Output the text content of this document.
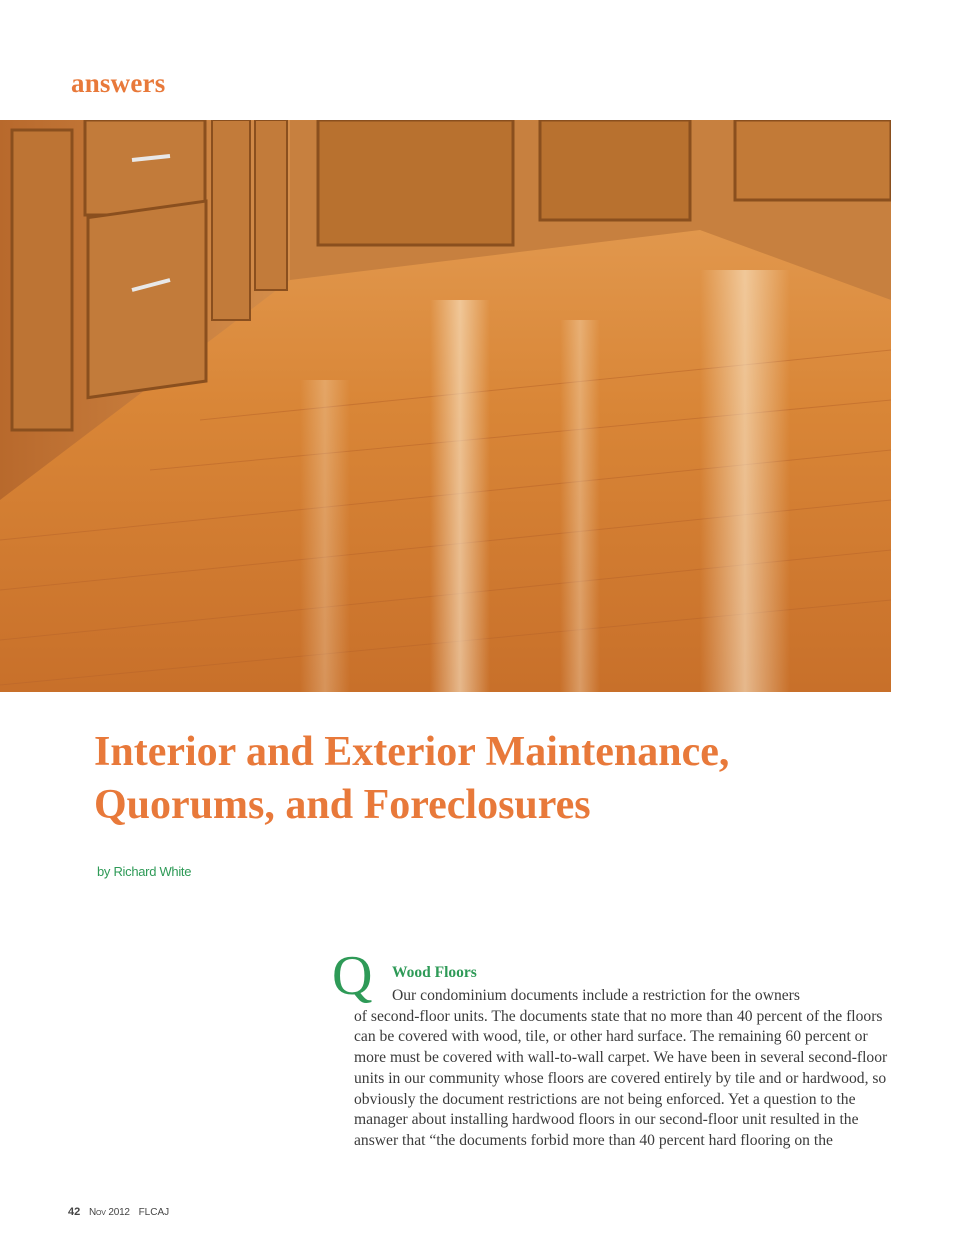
answers
Interior and Exterior Maintenance,
Quorums, and Foreclosures
by Richard White
Q Wood Floors

Our condominium documents include a restriction for the owners
of second-floor units. The documents state that no more than 40 percent of the floors can be covered with wood, tile, or other hard surface. The remaining 60 percent or more must be covered with wall-to-wall carpet. We have been in several second-floor units in our community whose floors are covered entirely by tile and or hardwood, so obviously the document restrictions are not being enforced. Yet a question to the manager about installing hardwood floors in our second-floor unit resulted in the answer that “the documents forbid more than 40 percent hard flooring on the

42 Nov 2012 FLCAJ
